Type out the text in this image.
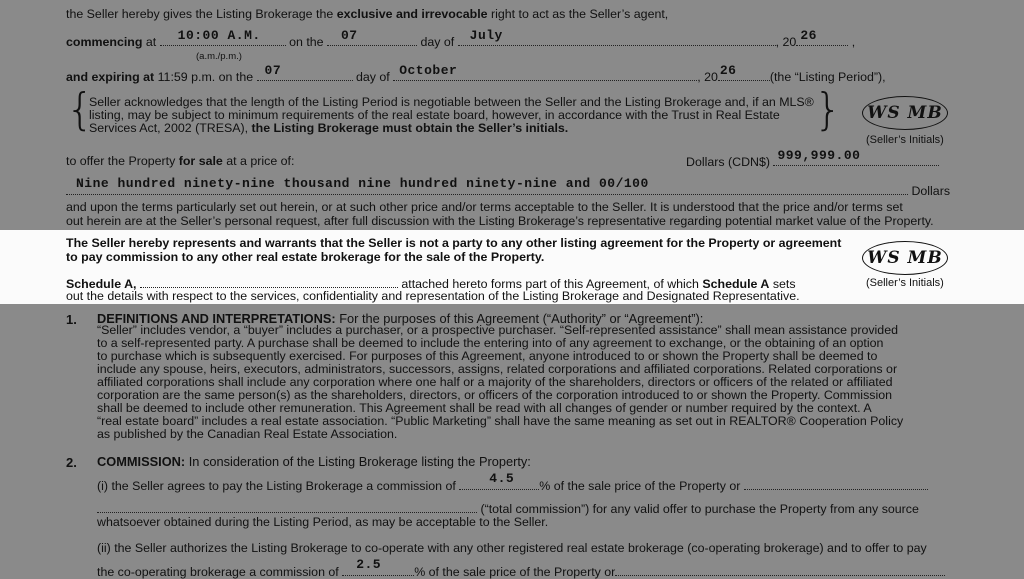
the Seller hereby gives the Listing Brokerage the exclusive and irrevocable right to act as the Seller’s agent,
commencing at 10:00 A.M. on the 07	day of July	, 20 26	,
(a.m./p.m.)
and expiring at 11:59 p.m. on the 07	day of October	, 20 26	(the “Listing Period”),
{	}
Seller acknowledges that the length of the Listing Period is negotiable between the Seller and the Listing Brokerage and, if an MLS®
listing, may be subject to minimum requirements of the real estate board, however, in accordance with the Trust in Real Estate
Services Act, 2002 (TRESA), the Listing Brokerage must obtain the Seller’s initials.
WS MB
(Seller’s Initials)
to offer the Property for sale at a price of:	Dollars (CDN$) 999,999.00
Nine hundred ninety-nine thousand nine hundred ninety-nine and 00/100	Dollars
and upon the terms particularly set out herein, or at such other price and/or terms acceptable to the Seller. It is understood that the price and/or terms set
out herein are at the Seller’s personal request, after full discussion with the Listing Brokerage’s representative regarding potential market value of the Property.
The Seller hereby represents and warrants that the Seller is not a party to any other listing agreement for the Property or agreement
to pay commission to any other real estate brokerage for the sale of the Property.	WS MB
(Seller’s Initials)
Schedule A,	attached hereto forms part of this Agreement, of which Schedule A sets
out the details with respect to the services, confidentiality and representation of the Listing Brokerage and Designated Representative.
1. DEFINITIONS AND INTERPRETATIONS: For the purposes of this Agreement (“Authority” or “Agreement”):
“Seller” includes vendor, a “buyer” includes a purchaser, or a prospective purchaser. “Self-represented assistance” shall mean assistance provided
to a self-represented party. A purchase shall be deemed to include the entering into of any agreement to exchange, or the obtaining of an option
to purchase which is subsequently exercised. For purposes of this Agreement, anyone introduced to or shown the Property shall be deemed to
include any spouse, heirs, executors, administrators, successors, assigns, related corporations and affiliated corporations. Related corporations or
affiliated corporations shall include any corporation where one half or a majority of the shareholders, directors or officers of the related or affiliated
corporation are the same person(s) as the shareholders, directors, or officers of the corporation introduced to or shown the Property. Commission
shall be deemed to include other remuneration. This Agreement shall be read with all changes of gender or number required by the context. A
“real estate board” includes a real estate association. “Public Marketing” shall have the same meaning as set out in REALTOR® Cooperation Policy
as published by the Canadian Real Estate Association.
2. COMMISSION: In consideration of the Listing Brokerage listing the Property:
(i) the Seller agrees to pay the Listing Brokerage a commission of 4.5 % of the sale price of the Property or
(“total commission”) for any valid offer to purchase the Property from any source
whatsoever obtained during the Listing Period, as may be acceptable to the Seller.
(ii) the Seller authorizes the Listing Brokerage to co-operate with any other registered real estate brokerage (co-operating brokerage) and to offer to pay
the co-operating brokerage a commission of 2.5	% of the sale price of the Property or
